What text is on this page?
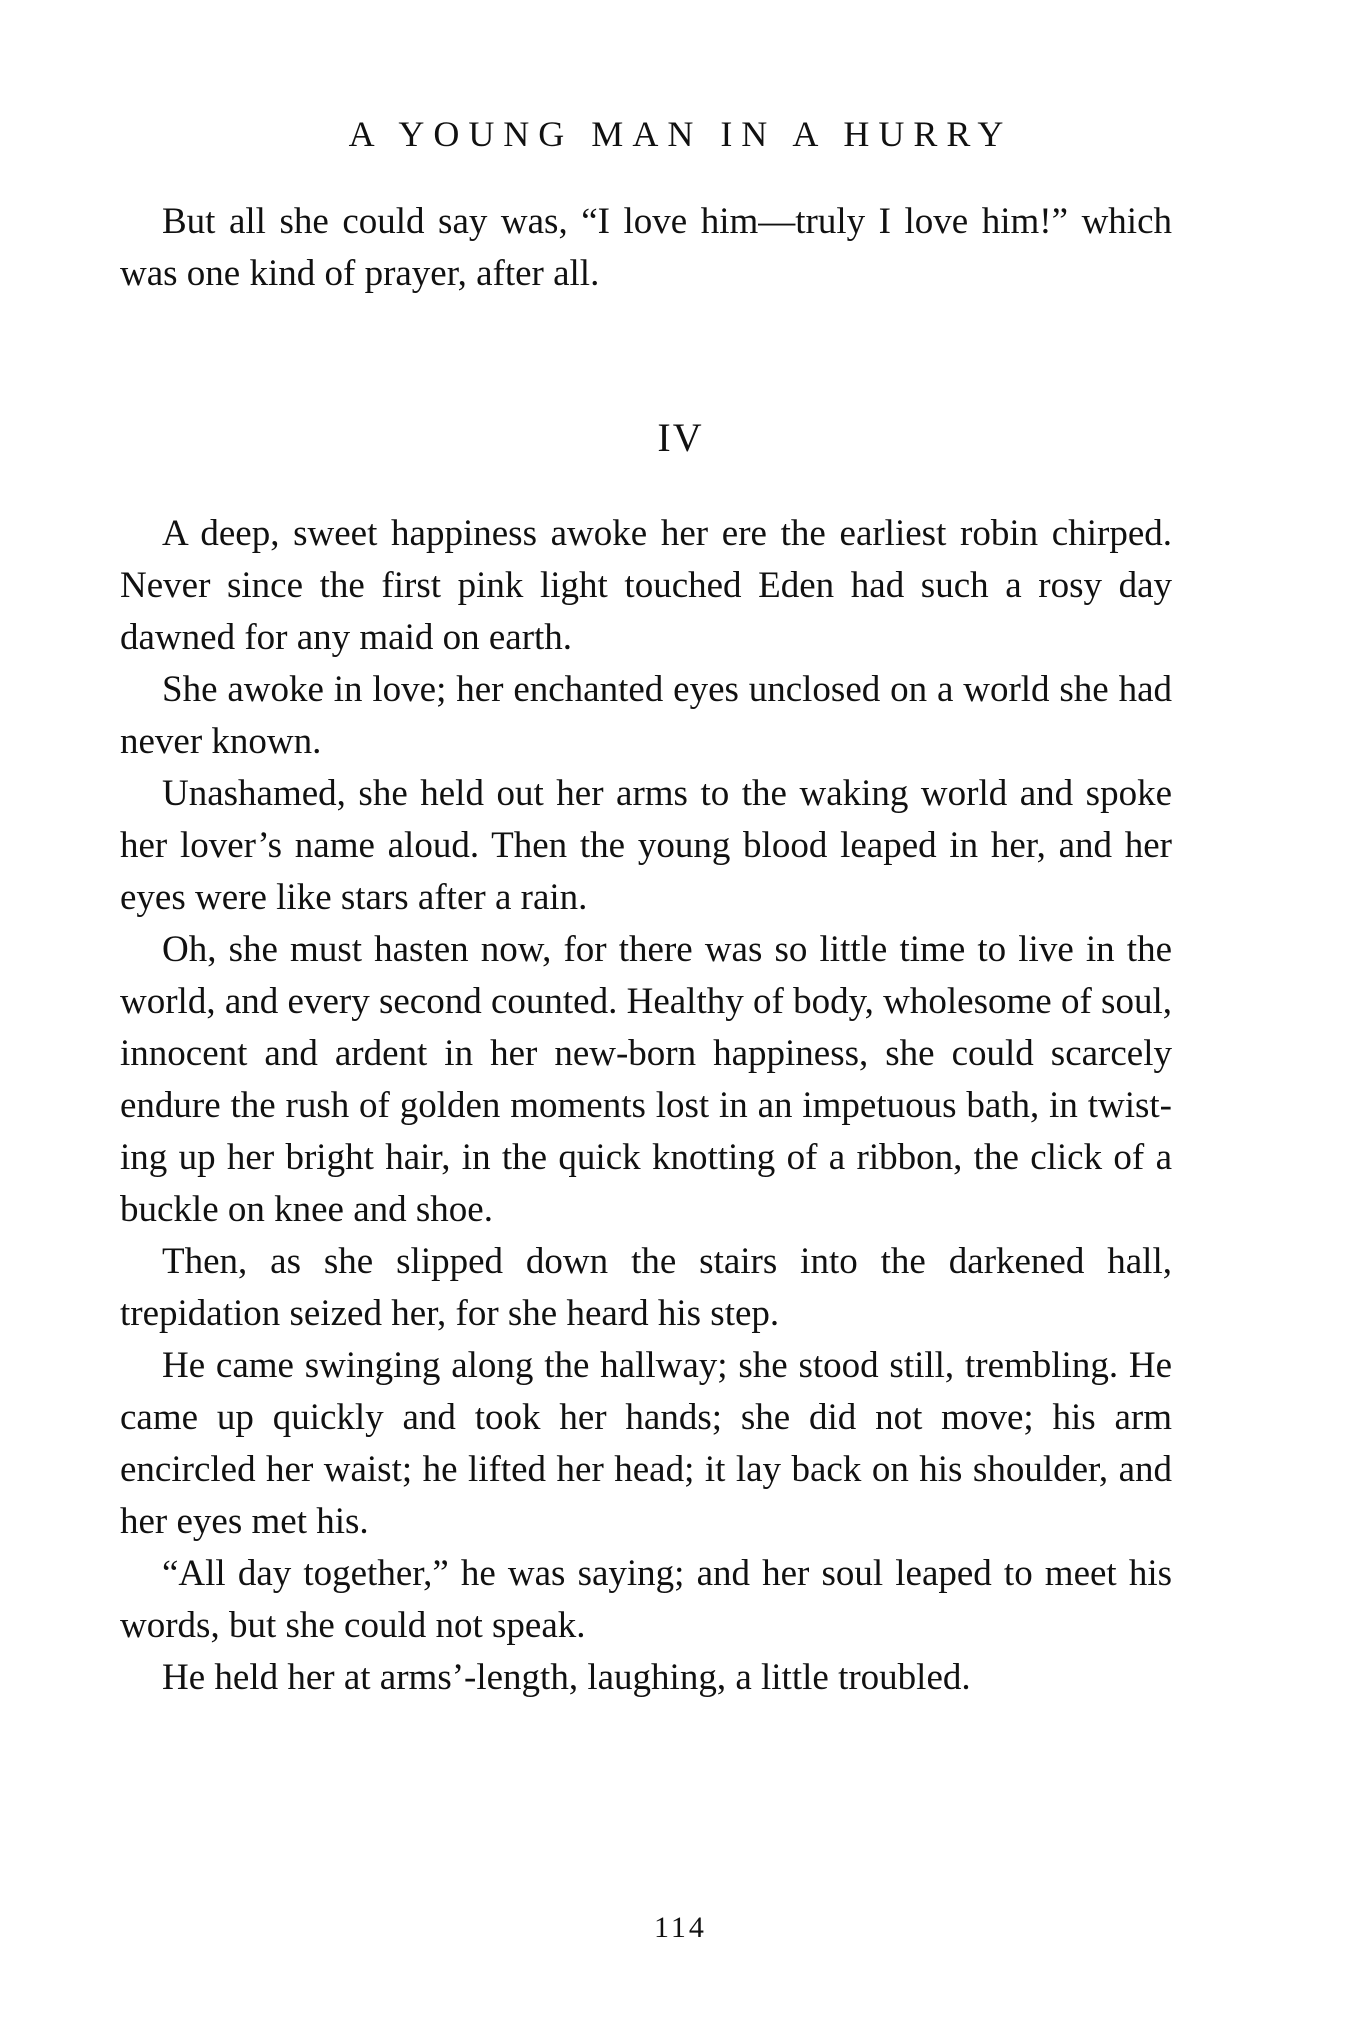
A YOUNG MAN IN A HURRY

But all she could say was, “I love him—truly I love him!” which was one kind of prayer, after all.

IV

A deep, sweet happiness awoke her ere the earliest robin chirped. Never since the first pink light touched Eden had such a rosy day dawned for any maid on earth.

She awoke in love; her enchanted eyes unclosed on a world she had never known.

Unashamed, she held out her arms to the waking world and spoke her lover’s name aloud. Then the young blood leaped in her, and her eyes were like stars after a rain.

Oh, she must hasten now, for there was so little time to live in the world, and every second counted. Healthy of body, wholesome of soul, innocent and ardent in her new-born happiness, she could scarcely endure the rush of golden moments lost in an impetuous bath, in twisting up her bright hair, in the quick knotting of a ribbon, the click of a buckle on knee and shoe.

Then, as she slipped down the stairs into the darkened hall, trepidation seized her, for she heard his step.

He came swinging along the hallway; she stood still, trembling. He came up quickly and took her hands; she did not move; his arm encircled her waist; he lifted her head; it lay back on his shoulder, and her eyes met his.

“All day together,” he was saying; and her soul leaped to meet his words, but she could not speak.

He held her at arms’-length, laughing, a little troubled.

114
